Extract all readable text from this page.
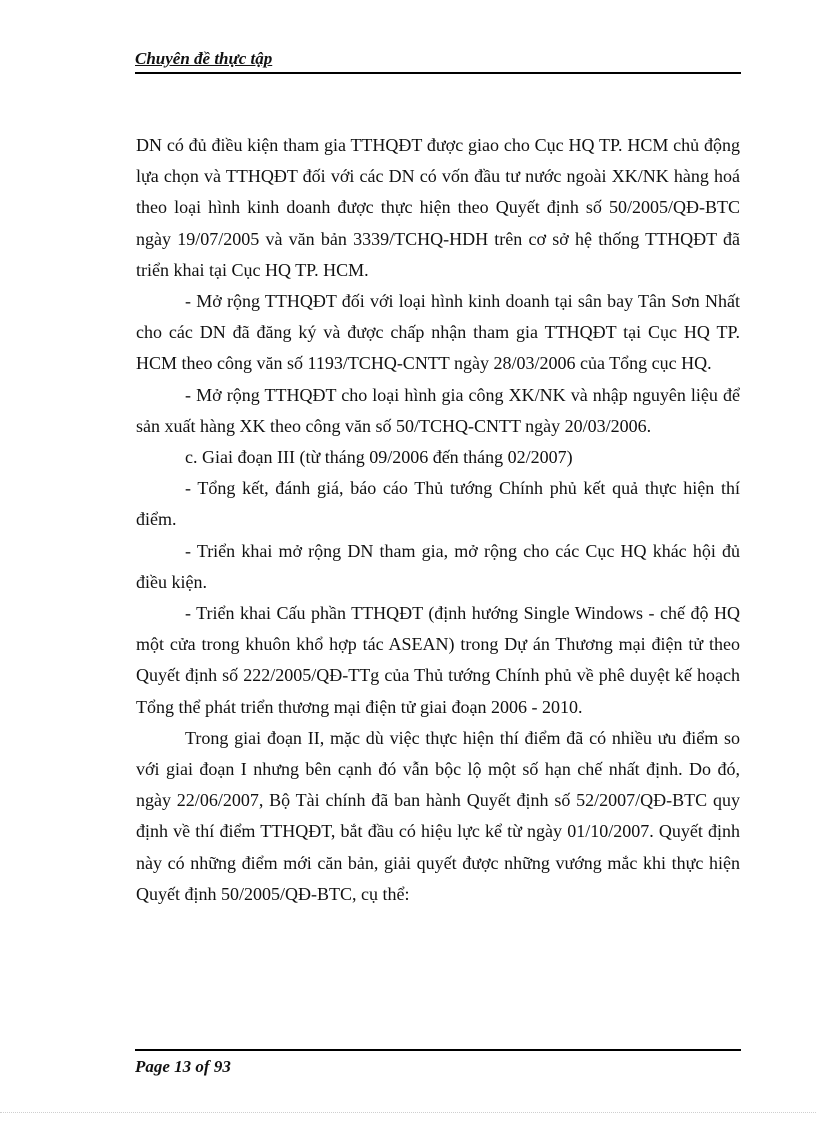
Chuyên đề thực tập

DN có đủ điều kiện tham gia TTHQĐT được giao cho Cục HQ TP. HCM chủ động lựa chọn và TTHQĐT đối với các DN có vốn đầu tư nước ngoài XK/NK hàng hoá theo loại hình kinh doanh được thực hiện theo Quyết định số 50/2005/QĐ-BTC ngày 19/07/2005 và văn bản 3339/TCHQ-HDH trên cơ sở hệ thống TTHQĐT đã triển khai tại Cục HQ TP. HCM.

- Mở rộng TTHQĐT đối với loại hình kinh doanh tại sân bay Tân Sơn Nhất cho các DN đã đăng ký và được chấp nhận tham gia TTHQĐT tại Cục HQ TP. HCM theo công văn số 1193/TCHQ-CNTT ngày 28/03/2006 của Tổng cục HQ.

- Mở rộng TTHQĐT cho loại hình gia công XK/NK và nhập nguyên liệu để sản xuất hàng XK theo công văn số 50/TCHQ-CNTT ngày 20/03/2006.

c. Giai đoạn III (từ tháng 09/2006 đến tháng 02/2007)

- Tổng kết, đánh giá, báo cáo Thủ tướng Chính phủ kết quả thực hiện thí điểm.

- Triển khai mở rộng DN tham gia, mở rộng cho các Cục HQ khác hội đủ điều kiện.

- Triển khai Cấu phần TTHQĐT (định hướng Single Windows - chế độ HQ một cửa trong khuôn khổ hợp tác ASEAN) trong Dự án Thương mại điện tử theo Quyết định số 222/2005/QĐ-TTg của Thủ tướng Chính phủ về phê duyệt kế hoạch Tổng thể phát triển thương mại điện tử giai đoạn 2006 - 2010.

Trong giai đoạn II, mặc dù việc thực hiện thí điểm đã có nhiều ưu điểm so với giai đoạn I nhưng bên cạnh đó vẫn bộc lộ một số hạn chế nhất định. Do đó, ngày 22/06/2007, Bộ Tài chính đã ban hành Quyết định số 52/2007/QĐ-BTC quy định về thí điểm TTHQĐT, bắt đầu có hiệu lực kể từ ngày 01/10/2007. Quyết định này có những điểm mới căn bản, giải quyết được những vướng mắc khi thực hiện Quyết định 50/2005/QĐ-BTC, cụ thể:

Page 13 of 93
